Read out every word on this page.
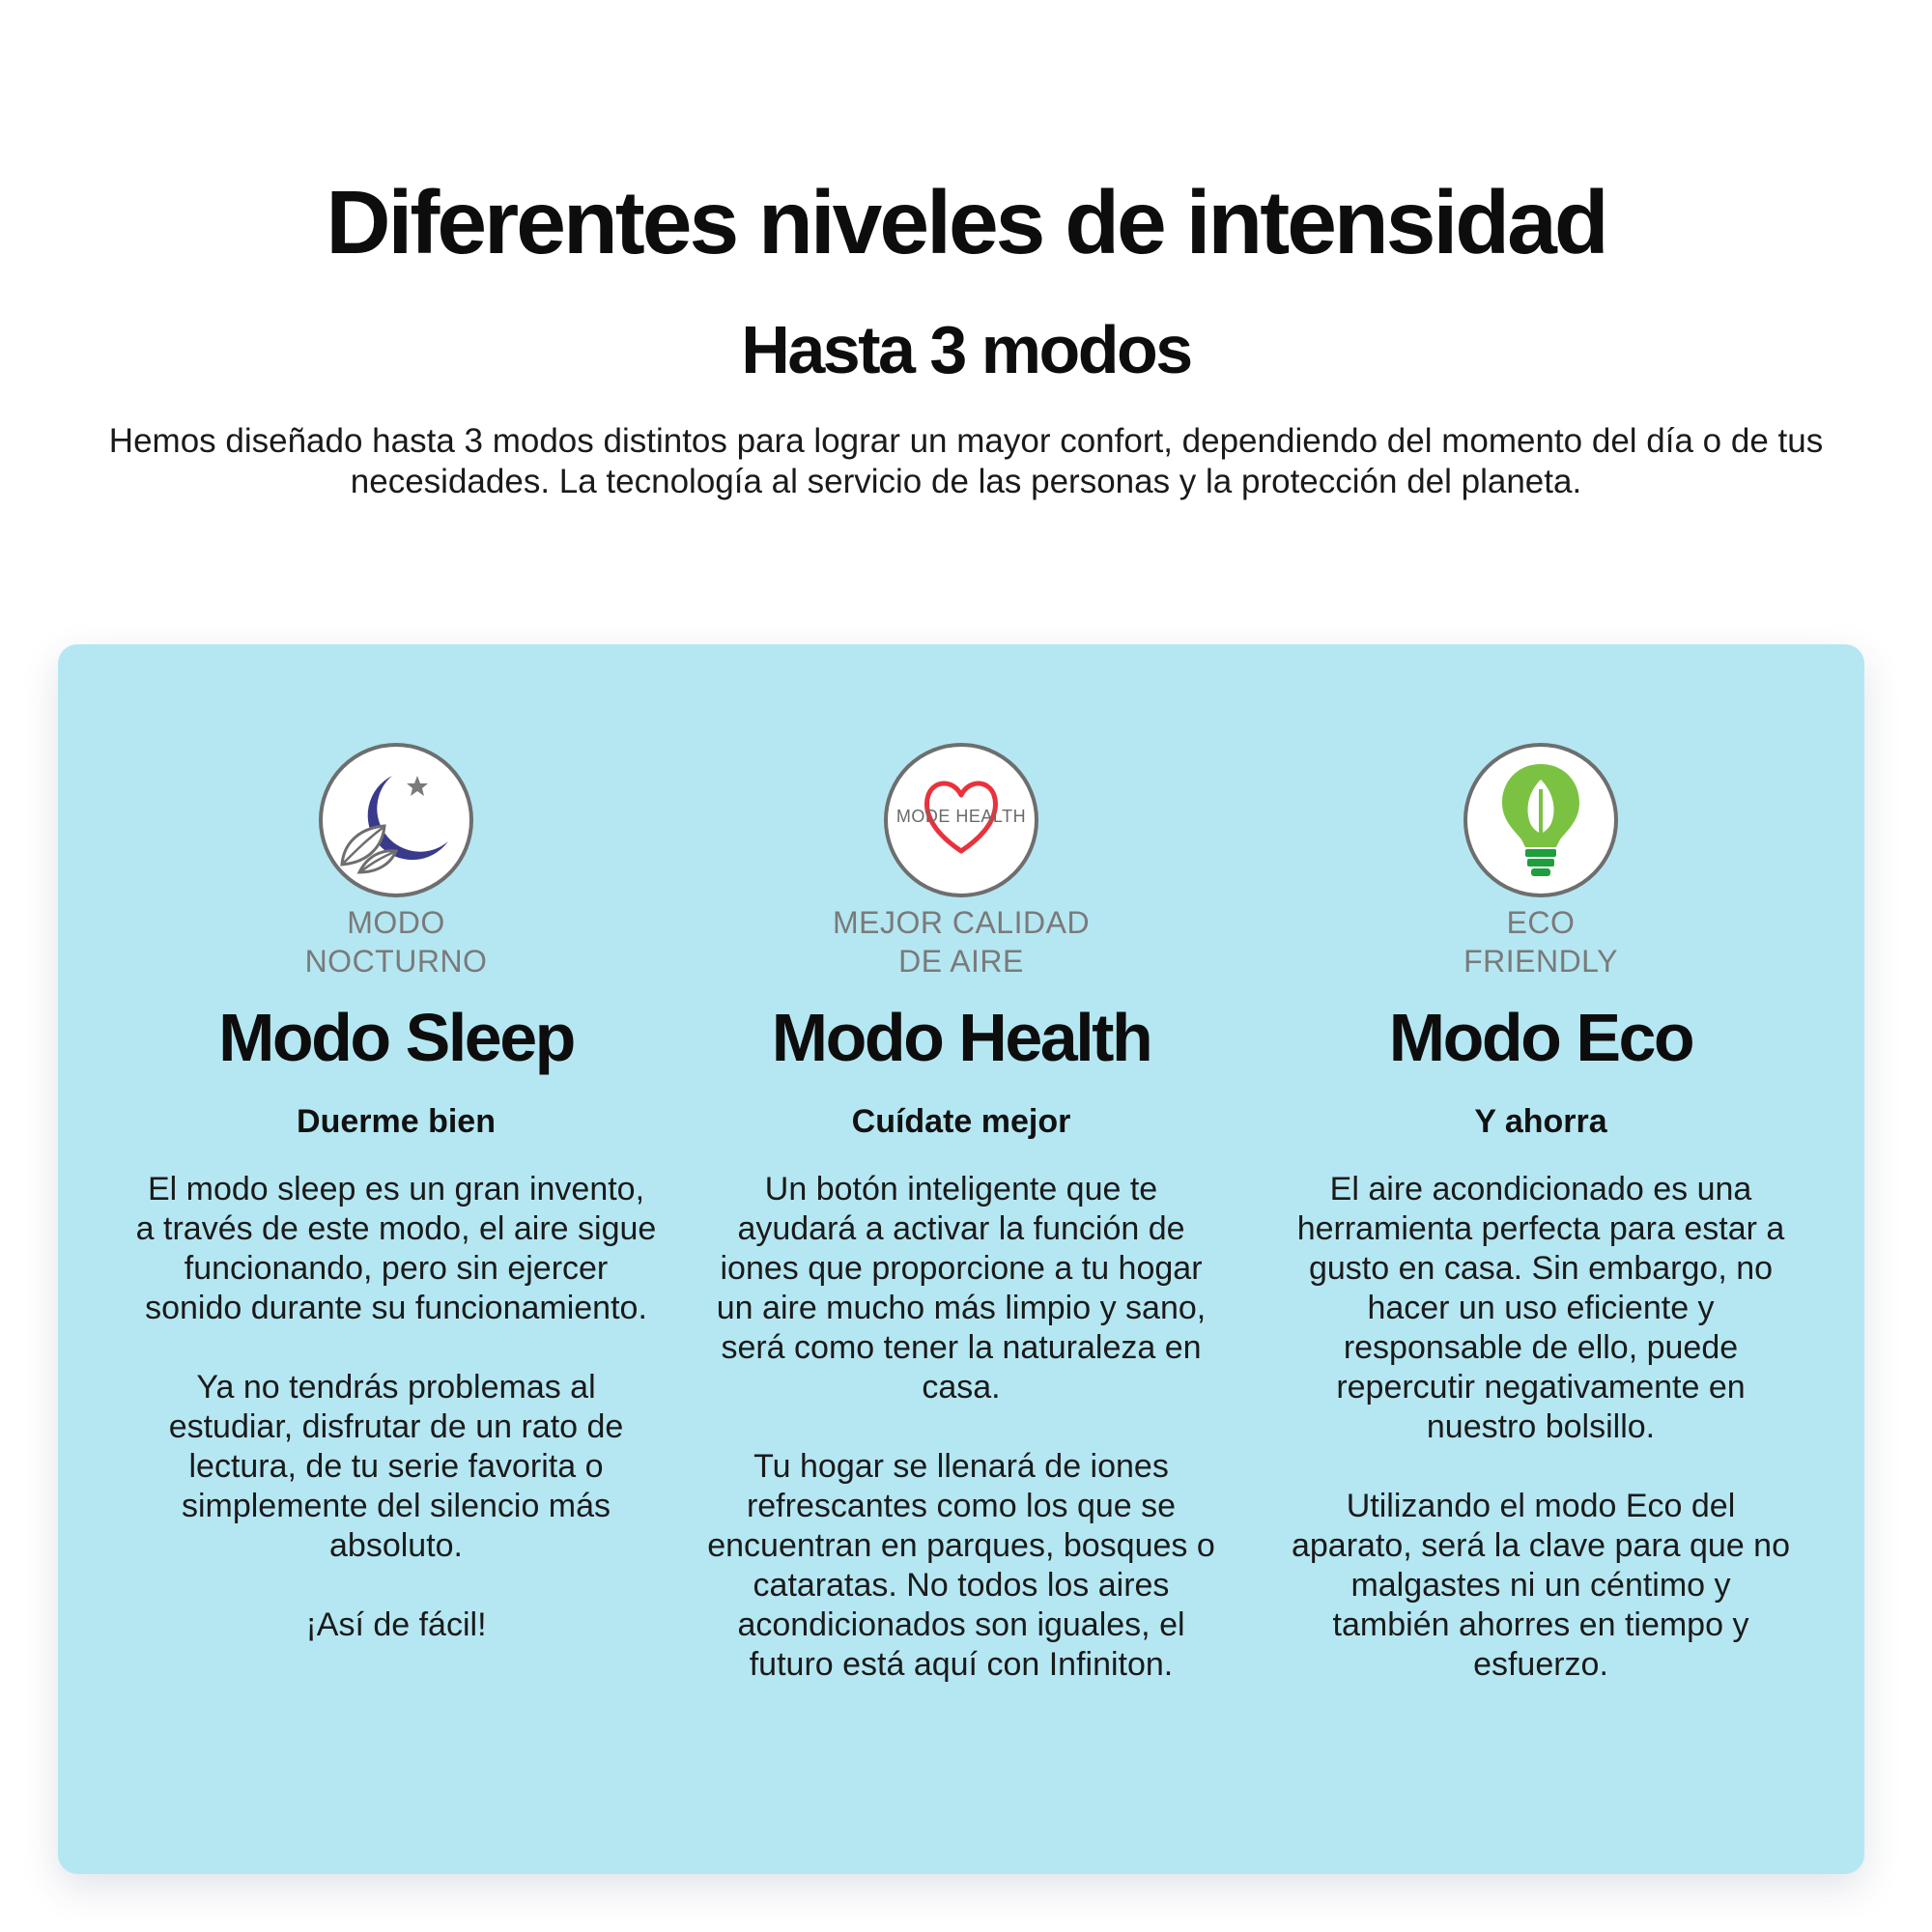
Diferentes niveles de intensidad
Hasta 3 modos

Hemos diseñado hasta 3 modos distintos para lograr un mayor confort, dependiendo del momento del día o de tus necesidades. La tecnología al servicio de las personas y la protección del planeta.

MODO
NOCTURNO
Modo Sleep
Duerme bien

El modo sleep es un gran invento, a través de este modo, el aire sigue funcionando, pero sin ejercer sonido durante su funcionamiento.

Ya no tendrás problemas al estudiar, disfrutar de un rato de lectura, de tu serie favorita o simplemente del silencio más absoluto.

¡Así de fácil!

MODE HEALTH
MEJOR CALIDAD
DE AIRE
Modo Health
Cuídate mejor

Un botón inteligente que te ayudará a activar la función de iones que proporcione a tu hogar un aire mucho más limpio y sano, será como tener la naturaleza en casa.

Tu hogar se llenará de iones refrescantes como los que se encuentran en parques, bosques o cataratas. No todos los aires acondicionados son iguales, el futuro está aquí con Infiniton.

ECO
FRIENDLY
Modo Eco
Y ahorra

El aire acondicionado es una herramienta perfecta para estar a gusto en casa. Sin embargo, no hacer un uso eficiente y responsable de ello, puede repercutir negativamente en nuestro bolsillo.

Utilizando el modo Eco del aparato, será la clave para que no malgastes ni un céntimo y también ahorres en tiempo y esfuerzo.
